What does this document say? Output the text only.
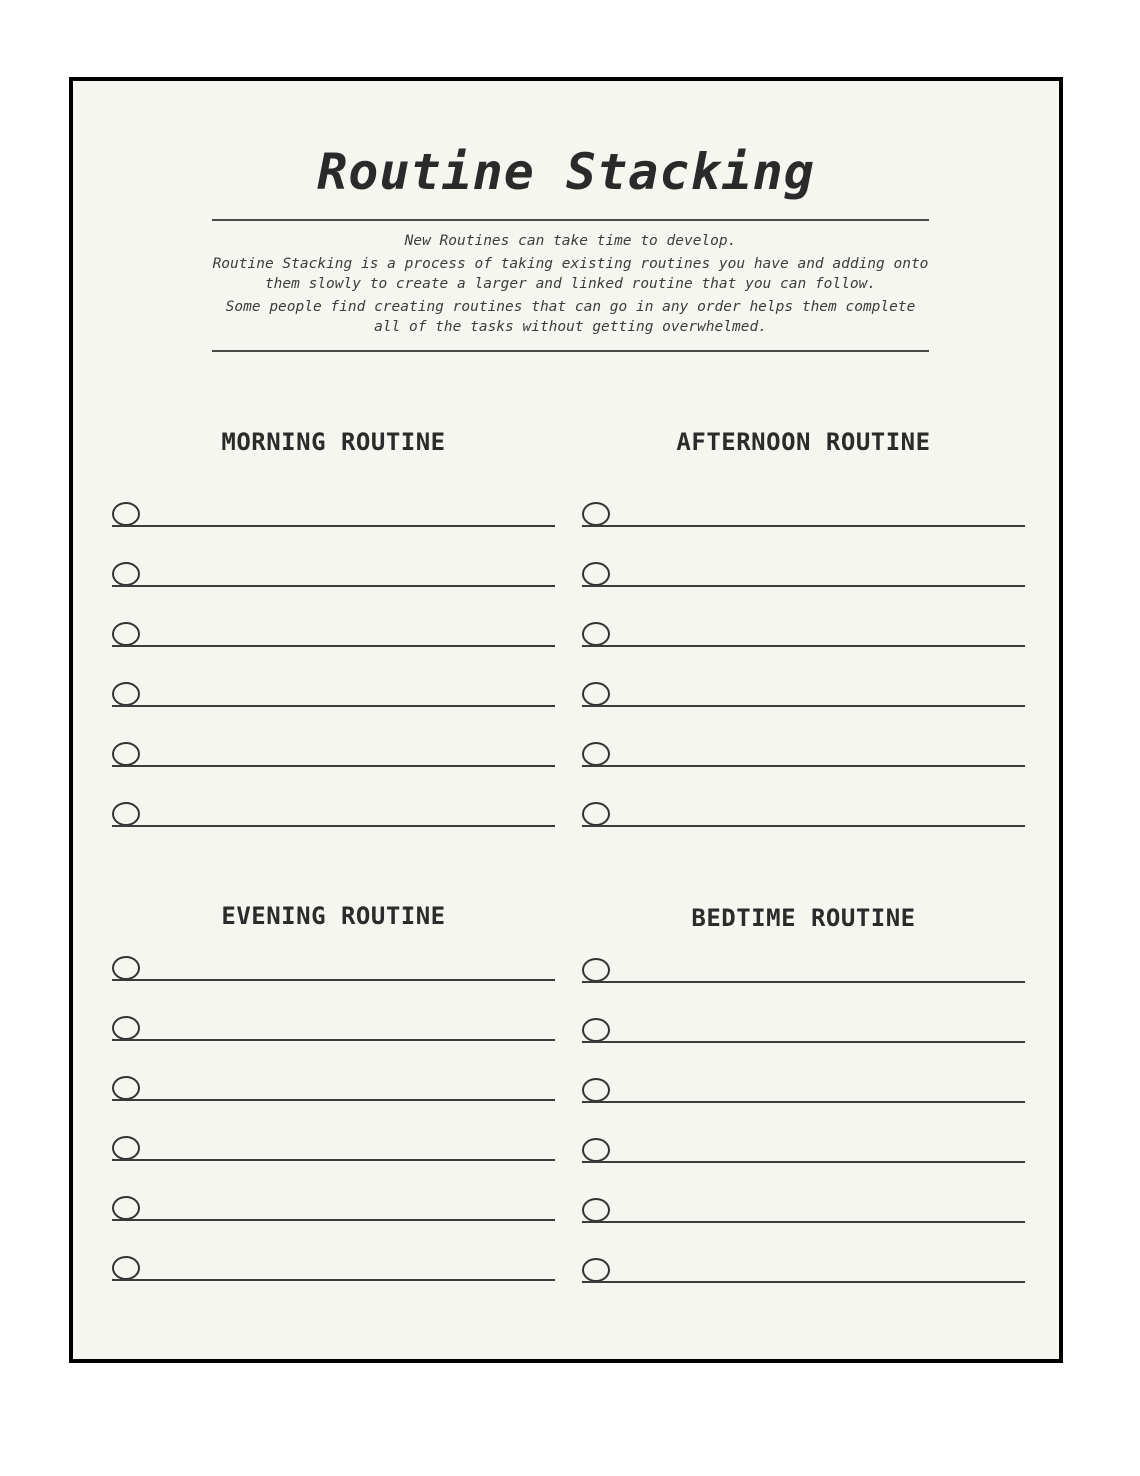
Routine Stacking

New Routines can take time to develop.

Routine Stacking is a process of taking existing routines you have and adding onto them slowly to create a larger and linked routine that you can follow.

Some people find creating routines that can go in any order helps them complete all of the tasks without getting overwhelmed.

MORNING ROUTINE	AFTERNOON ROUTINE
EVENING ROUTINE	BEDTIME ROUTINE
